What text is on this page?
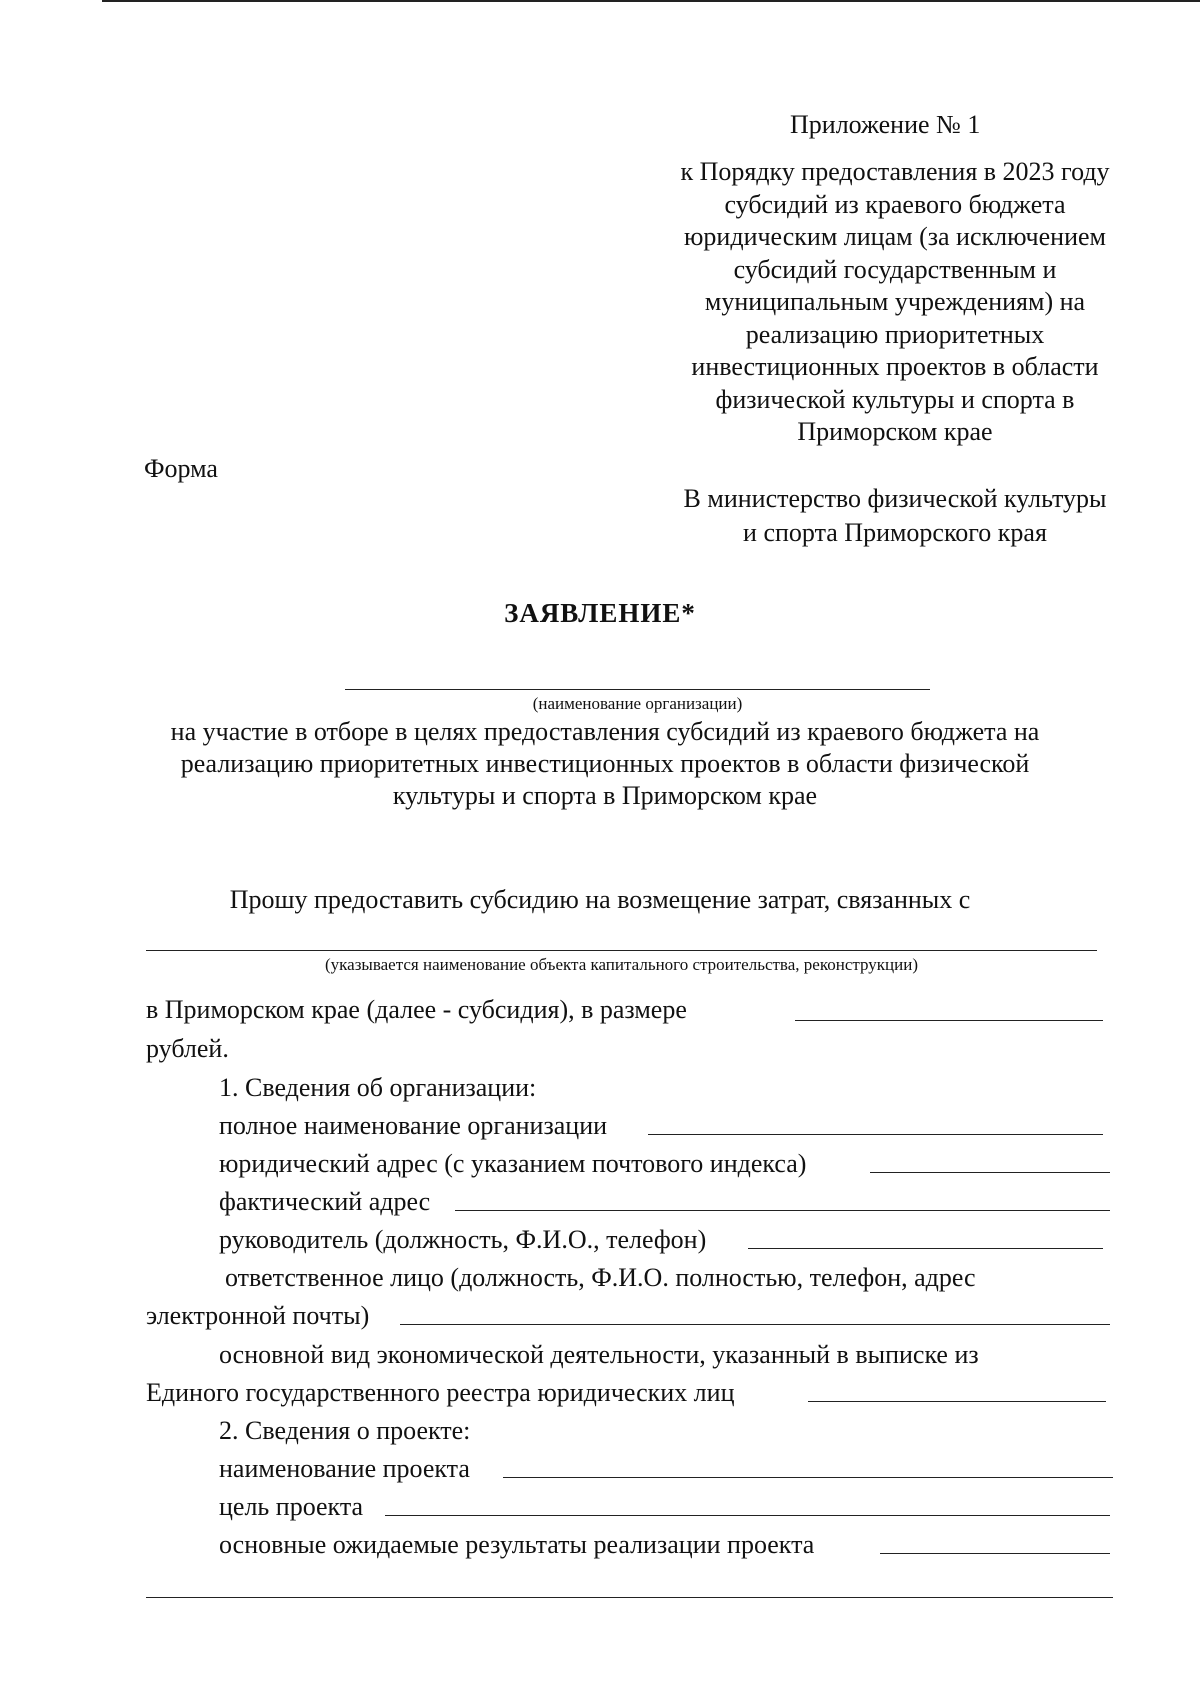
Приложение № 1
к Порядку предоставления в 2023 году
субсидий из краевого бюджета
юридическим лицам (за исключением
субсидий государственным и
муниципальным учреждениям) на
реализацию приоритетных
инвестиционных проектов в области
физической культуры и спорта в
Приморском крае
Форма
В министерство физической культуры
и спорта Приморского края
ЗАЯВЛЕНИЕ*
(наименование организации)
на участие в отборе в целях предоставления субсидий из краевого бюджета на
реализацию приоритетных инвестиционных проектов в области физической
культуры и спорта в Приморском крае
Прошу предоставить субсидию на возмещение затрат, связанных с
(указывается наименование объекта капитального строительства, реконструкции)
в Приморском крае (далее - субсидия), в размере
рублей.
1. Сведения об организации:
полное наименование организации
юридический адрес (с указанием почтового индекса)
фактический адрес
руководитель (должность, Ф.И.О., телефон)
ответственное лицо (должность, Ф.И.О. полностью, телефон, адрес
электронной почты)
основной вид экономической деятельности, указанный в выписке из
Единого государственного реестра юридических лиц
2. Сведения о проекте:
наименование проекта
цель проекта
основные ожидаемые результаты реализации проекта
